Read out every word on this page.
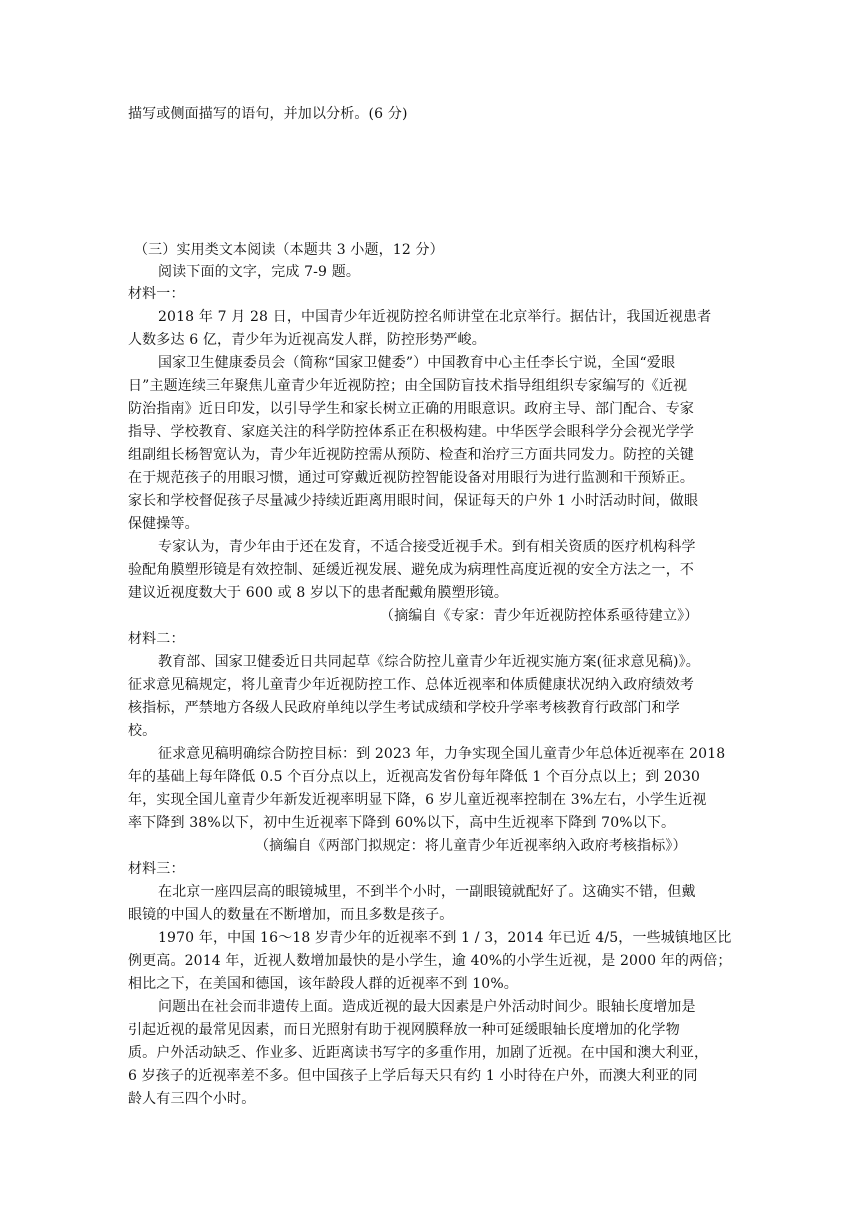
描写或侧面描写的语句，并加以分析。(6 分)
（三）实用类文本阅读（本题共 3 小题，12 分）
阅读下面的文字，完成 7-9 题。
材料一：
2018 年 7 月 28 日，中国青少年近视防控名师讲堂在北京举行。据估计，我国近视患者
人数多达 6 亿，青少年为近视高发人群，防控形势严峻。
国家卫生健康委员会（简称“国家卫健委”）中国教育中心主任李长宁说，全国“爱眼
日”主题连续三年聚焦儿童青少年近视防控；由全国防盲技术指导组组织专家编写的《近视
防治指南》近日印发，以引导学生和家长树立正确的用眼意识。政府主导、部门配合、专家
指导、学校教育、家庭关注的科学防控体系正在积极构建。中华医学会眼科学分会视光学学
组副组长杨智宽认为，青少年近视防控需从预防、检查和治疗三方面共同发力。防控的关键
在于规范孩子的用眼习惯，通过可穿戴近视防控智能设备对用眼行为进行监测和干预矫正。
家长和学校督促孩子尽量减少持续近距离用眼时间，保证每天的户外 1 小时活动时间，做眼
保健操等。
专家认为，青少年由于还在发育，不适合接受近视手术。到有相关资质的医疗机构科学
验配角膜塑形镜是有效控制、延缓近视发展、避免成为病理性高度近视的安全方法之一，不
建议近视度数大于 600 或 8 岁以下的患者配戴角膜塑形镜。
（摘编自《专家：青少年近视防控体系亟待建立》）
材料二：
教育部、国家卫健委近日共同起草《综合防控儿童青少年近视实施方案(征求意见稿)》。
征求意见稿规定，将儿童青少年近视防控工作、总体近视率和体质健康状况纳入政府绩效考
核指标，严禁地方各级人民政府单纯以学生考试成绩和学校升学率考核教育行政部门和学
校。
征求意见稿明确综合防控目标：到 2023 年，力争实现全国儿童青少年总体近视率在 2018
年的基础上每年降低 0.5 个百分点以上，近视高发省份每年降低 1 个百分点以上；到 2030
年，实现全国儿童青少年新发近视率明显下降，6 岁儿童近视率控制在 3%左右，小学生近视
率下降到 38%以下，初中生近视率下降到 60%以下，高中生近视率下降到 70%以下。
（摘编自《两部门拟规定：将儿童青少年近视率纳入政府考核指标》）
材料三：
在北京一座四层高的眼镜城里，不到半个小时，一副眼镜就配好了。这确实不错，但戴
眼镜的中国人的数量在不断增加，而且多数是孩子。
1970 年，中国 16～18 岁青少年的近视率不到 1 / 3，2014 年已近 4/5，一些城镇地区比
例更高。2014 年，近视人数增加最快的是小学生，逾 40%的小学生近视，是 2000 年的两倍；
相比之下，在美国和德国，该年龄段人群的近视率不到 10%。
问题出在社会而非遗传上面。造成近视的最大因素是户外活动时间少。眼轴长度增加是
引起近视的最常见因素，而日光照射有助于视网膜释放一种可延缓眼轴长度增加的化学物
质。户外活动缺乏、作业多、近距离读书写字的多重作用，加剧了近视。在中国和澳大利亚，
6 岁孩子的近视率差不多。但中国孩子上学后每天只有约 1 小时待在户外，而澳大利亚的同
龄人有三四个小时。
